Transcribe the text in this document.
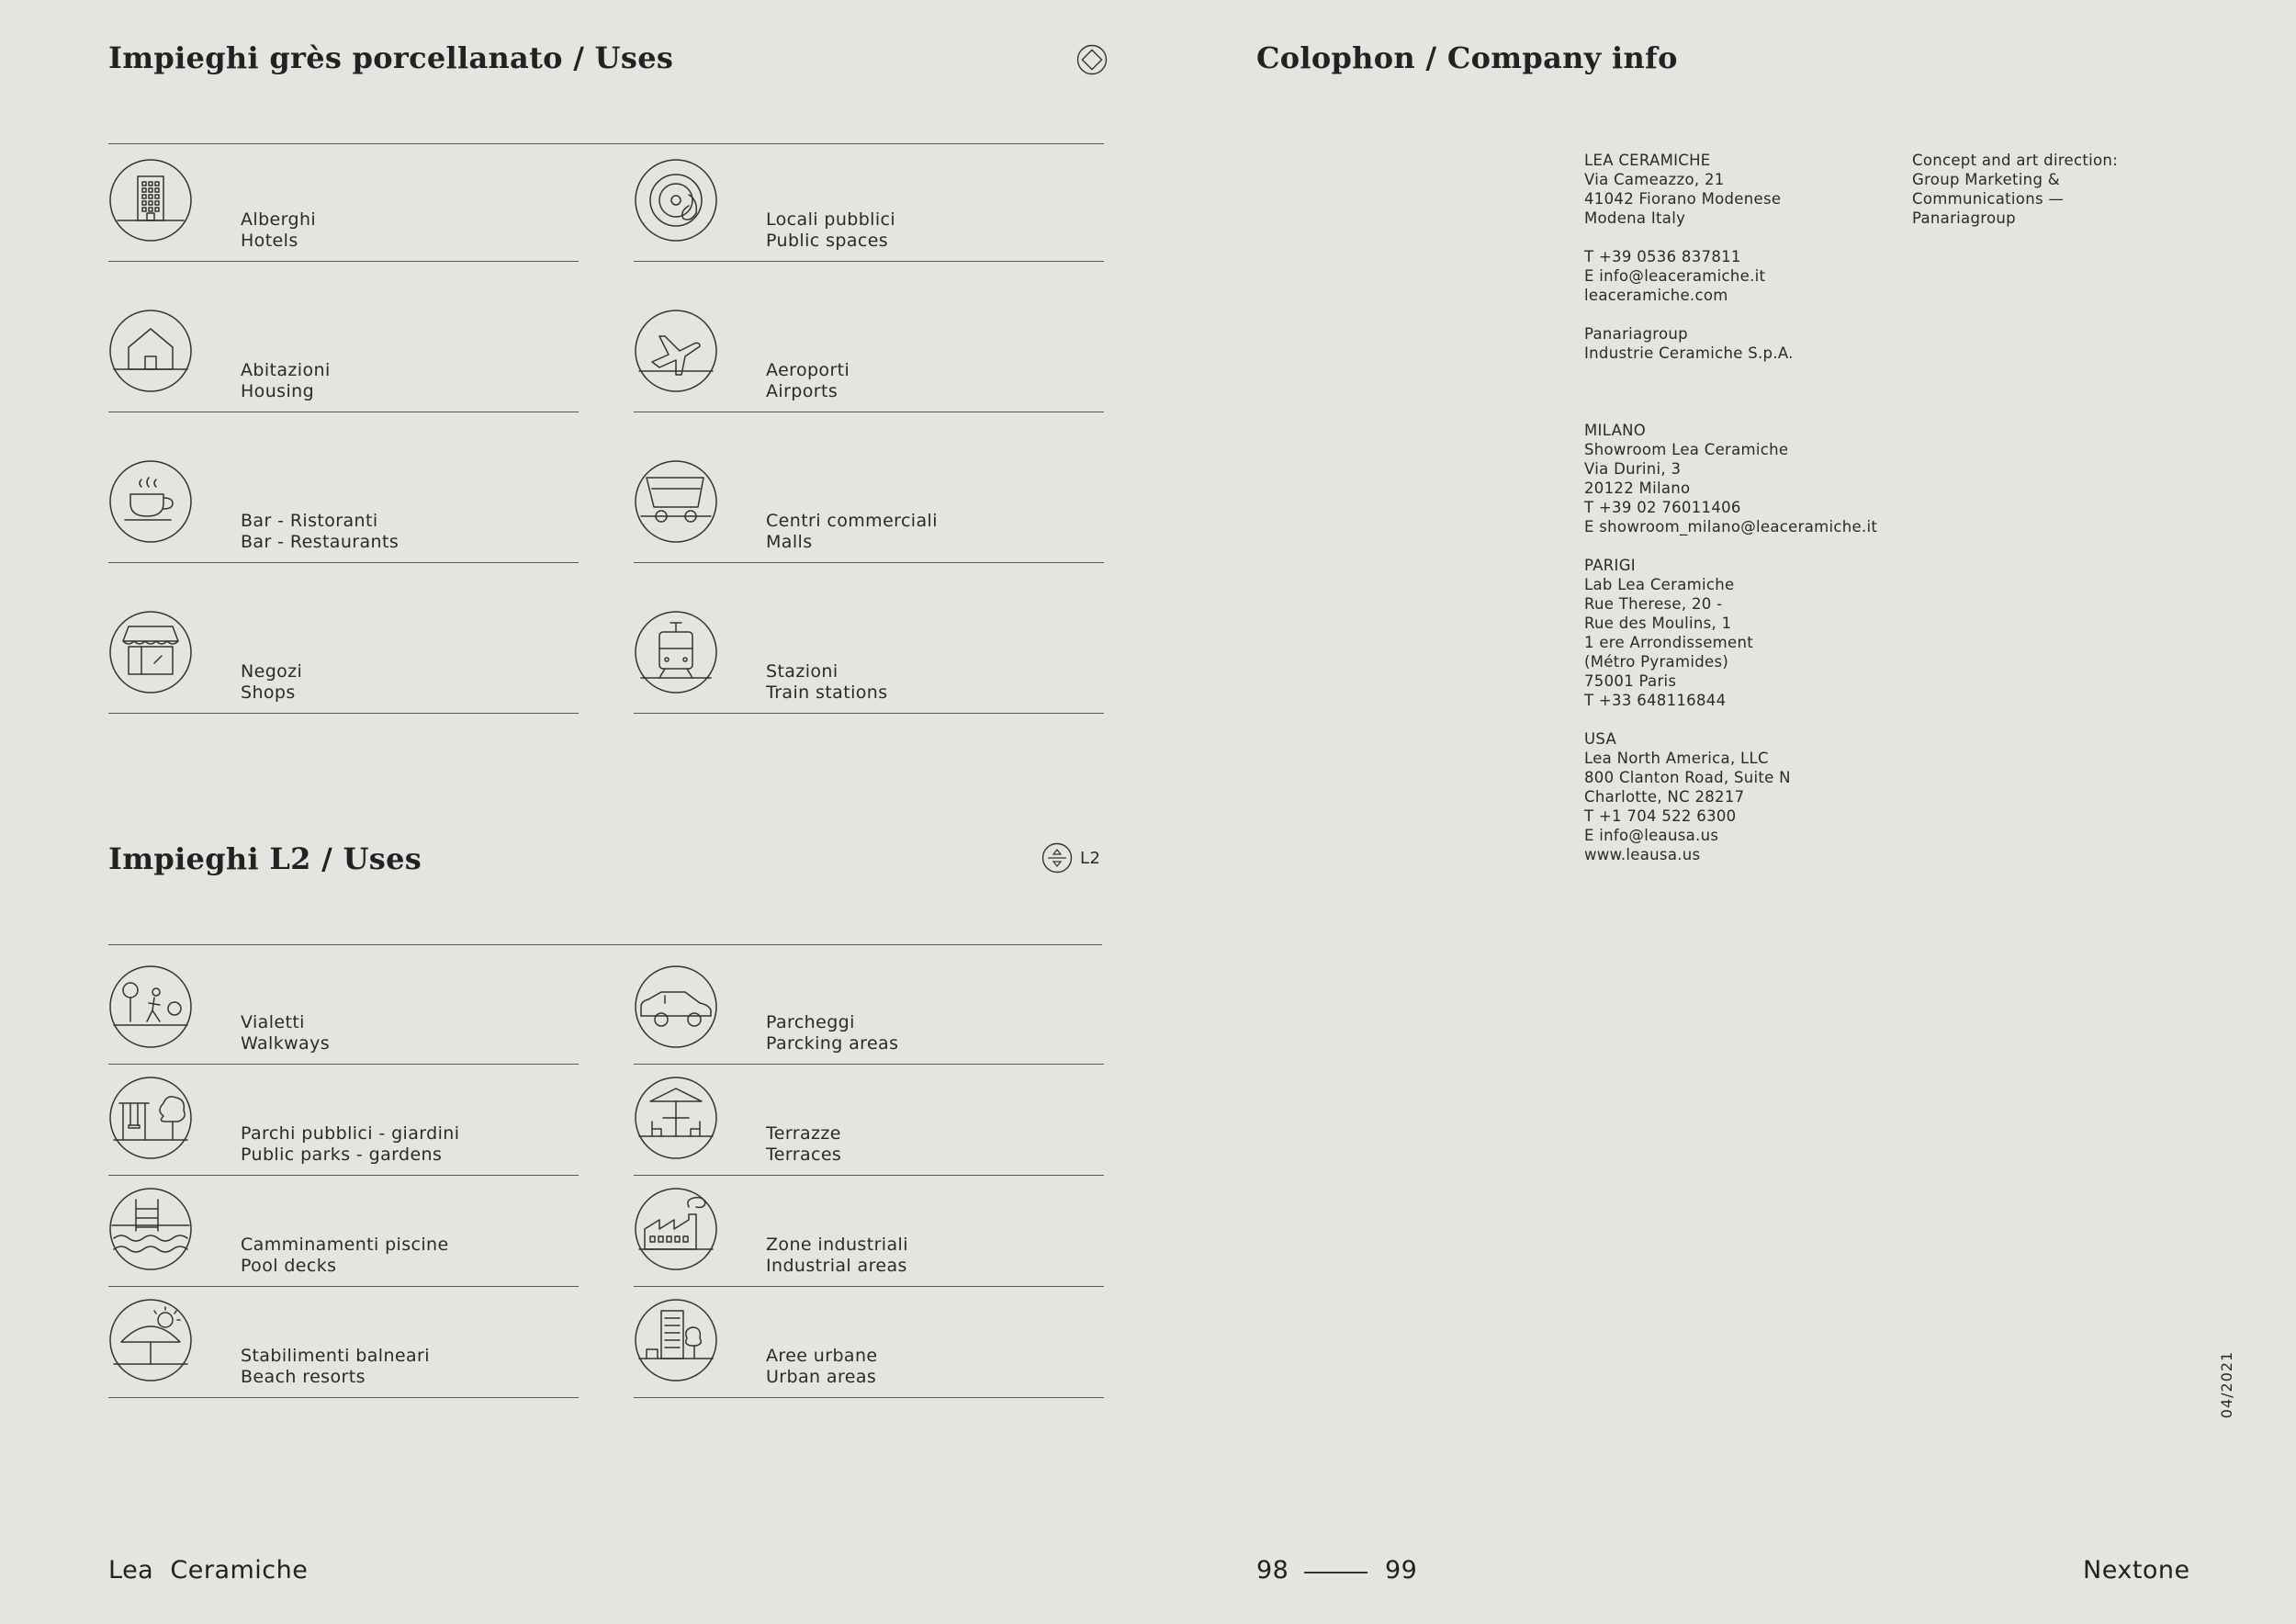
Impieghi grès porcellanato / Uses
Alberghi
Hotels
Locali pubblici
Public spaces
Abitazioni
Housing
Aeroporti
Airports
Bar - Ristoranti
Bar - Restaurants
Centri commerciali
Malls
Negozi
Shops
Stazioni
Train stations
Impieghi L2 / Uses	L2
Vialetti
Walkways
Parcheggi
Parcking areas
Parchi pubblici - giardini
Public parks - gardens
Terrazze
Terraces
Camminamenti piscine
Pool decks
Zone industriali
Industrial areas
Stabilimenti balneari
Beach resorts
Aree urbane
Urban areas
Colophon / Company info
LEA CERAMICHE
Via Cameazzo, 21
41042 Fiorano Modenese
Modena Italy
T +39 0536 837811
E info@leaceramiche.it
leaceramiche.com
Panariagroup
Industrie Ceramiche S.p.A.
MILANO
Showroom Lea Ceramiche
Via Durini, 3
20122 Milano
T +39 02 76011406
E showroom_milano@leaceramiche.it
PARIGI
Lab Lea Ceramiche
Rue Therese, 20 -
Rue des Moulins, 1
1 ere Arrondissement
(Métro Pyramides)
75001 Paris
T +33 648116844
USA
Lea North America, LLC
800 Clanton Road, Suite N
Charlotte, NC 28217
T +1 704 522 6300
E info@leausa.us
www.leausa.us
Concept and art direction:
Group Marketing &
Communications —
Panariagroup
04/2021
Lea  Ceramiche	98	99	Nextone
